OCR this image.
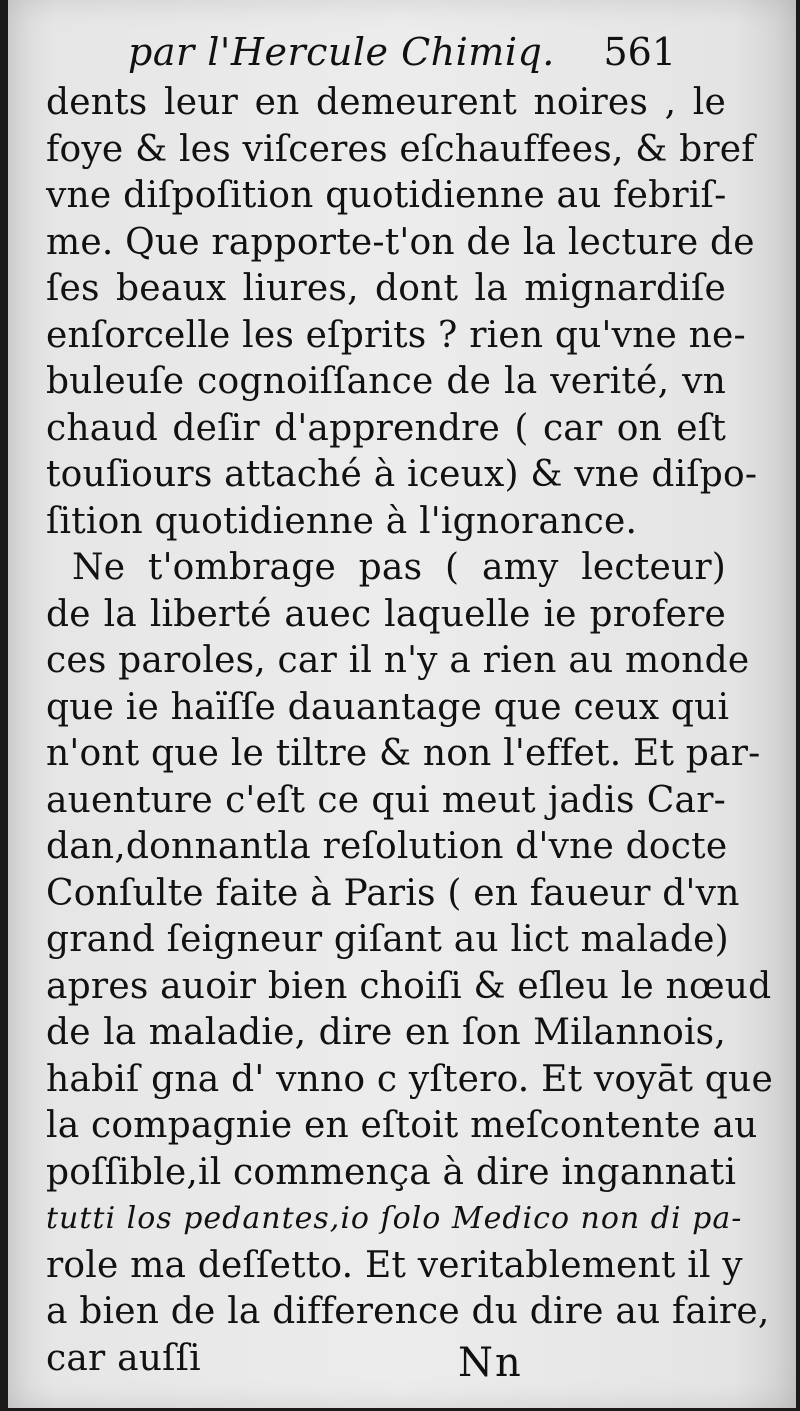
par l'Hercule Chimiq. 561
dents leur en demeurent noires , le
foye & les viſceres eſchauffees, & bref
vne diſpoſition quotidienne au febriſ-
me. Que rapporte-t'on de la lecture de
ſes beaux liures, dont la mignardiſe
enſorcelle les eſprits ? rien qu'vne ne-
buleuſe cognoiſſance de la verité, vn
chaud deſir d'apprendre ( car on eſt
touſiours attaché à iceux) & vne diſpo-
ſition quotidienne à l'ignorance.
Ne t'ombrage pas ( amy lecteur)
de la liberté auec laquelle ie profere
ces paroles, car il n'y a rien au monde
que ie haïſſe dauantage que ceux qui
n'ont que le tiltre & non l'effet. Et par-
auenture c'eſt ce qui meut jadis Car-
dan,donnantla reſolution d'vne docte
Conſulte faite à Paris ( en faueur d'vn
grand ſeigneur giſant au lict malade)
apres auoir bien choiſi & eſleu le nœud
de la maladie, dire en ſon Milannois,
habiſ gna d' vnno c yſtero. Et voyāt que
la compagnie en eſtoit meſcontente au
poſſible,il commença à dire ingannati
tutti los pedantes,io ſolo Medico non di pa-
role ma deſſetto. Et veritablement il y
a bien de la difference du dire au faire,
car auſſi	Nn
